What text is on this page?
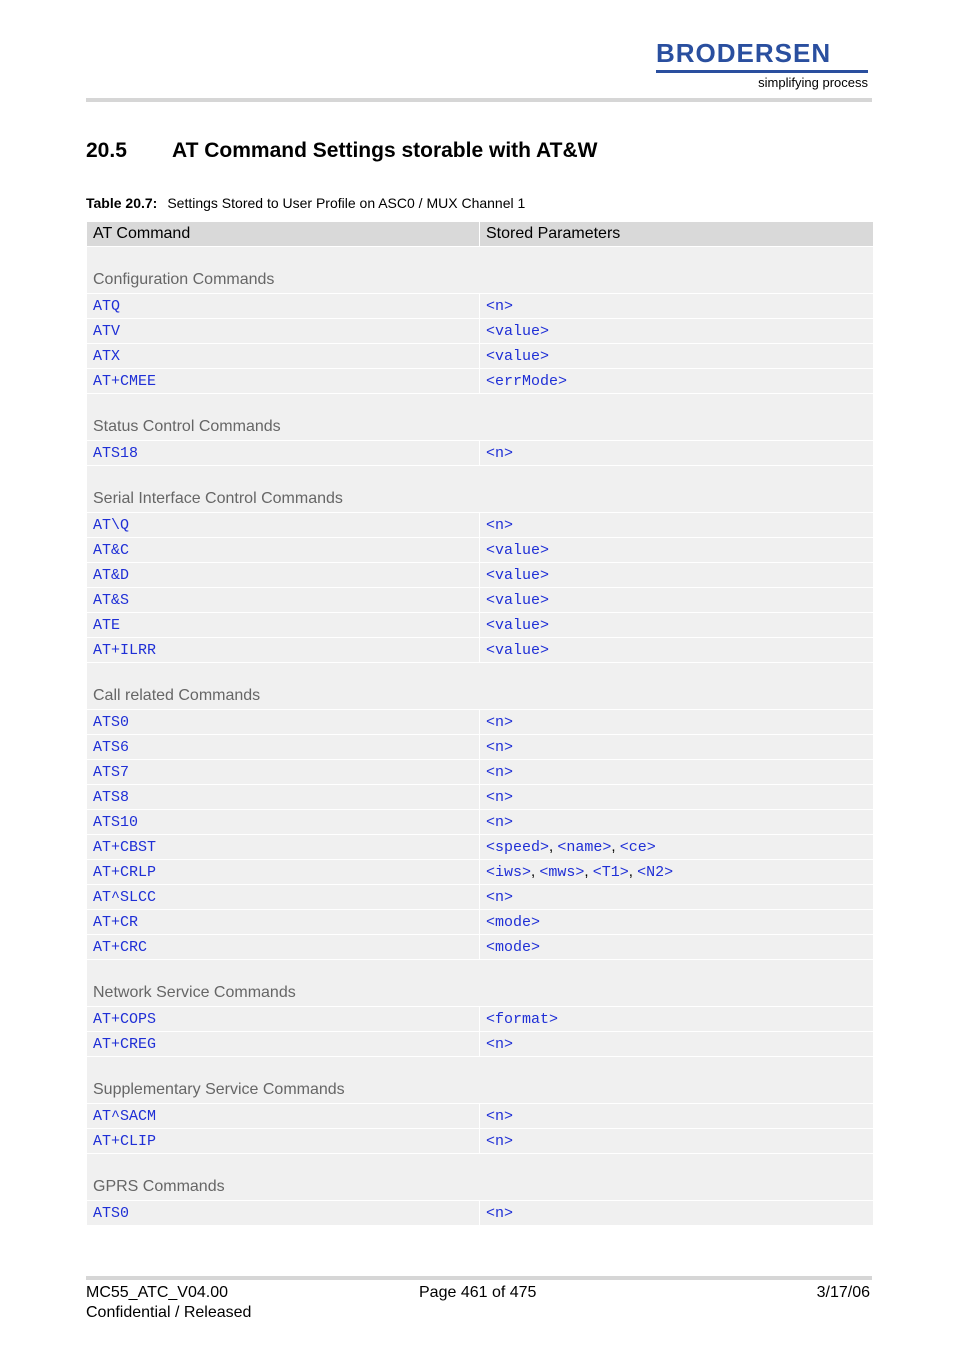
BRODERSEN
simplifying process
20.5 AT Command Settings storable with AT&W
Table 20.7: Settings Stored to User Profile on ASC0 / MUX Channel 1
AT Command	Stored Parameters
Configuration Commands	
ATQ	<n>
ATV	<value>
ATX	<value>
AT+CMEE	<errMode>
Status Control Commands	
ATS18	<n>
Serial Interface Control Commands	
AT\Q	<n>
AT&C	<value>
AT&D	<value>
AT&S	<value>
ATE	<value>
AT+ILRR	<value>
Call related Commands	
ATS0	<n>
ATS6	<n>
ATS7	<n>
ATS8	<n>
ATS10	<n>
AT+CBST	<speed>, <name>, <ce>
AT+CRLP	<iws>, <mws>, <T1>, <N2>
AT^SLCC	<n>
AT+CR	<mode>
AT+CRC	<mode>
Network Service Commands	
AT+COPS	<format>
AT+CREG	<n>
Supplementary Service Commands	
AT^SACM	<n>
AT+CLIP	<n>
GPRS Commands	
ATS0	<n>
MC55_ATC_V04.00
Confidential / Released
Page 461 of 475	3/17/06
